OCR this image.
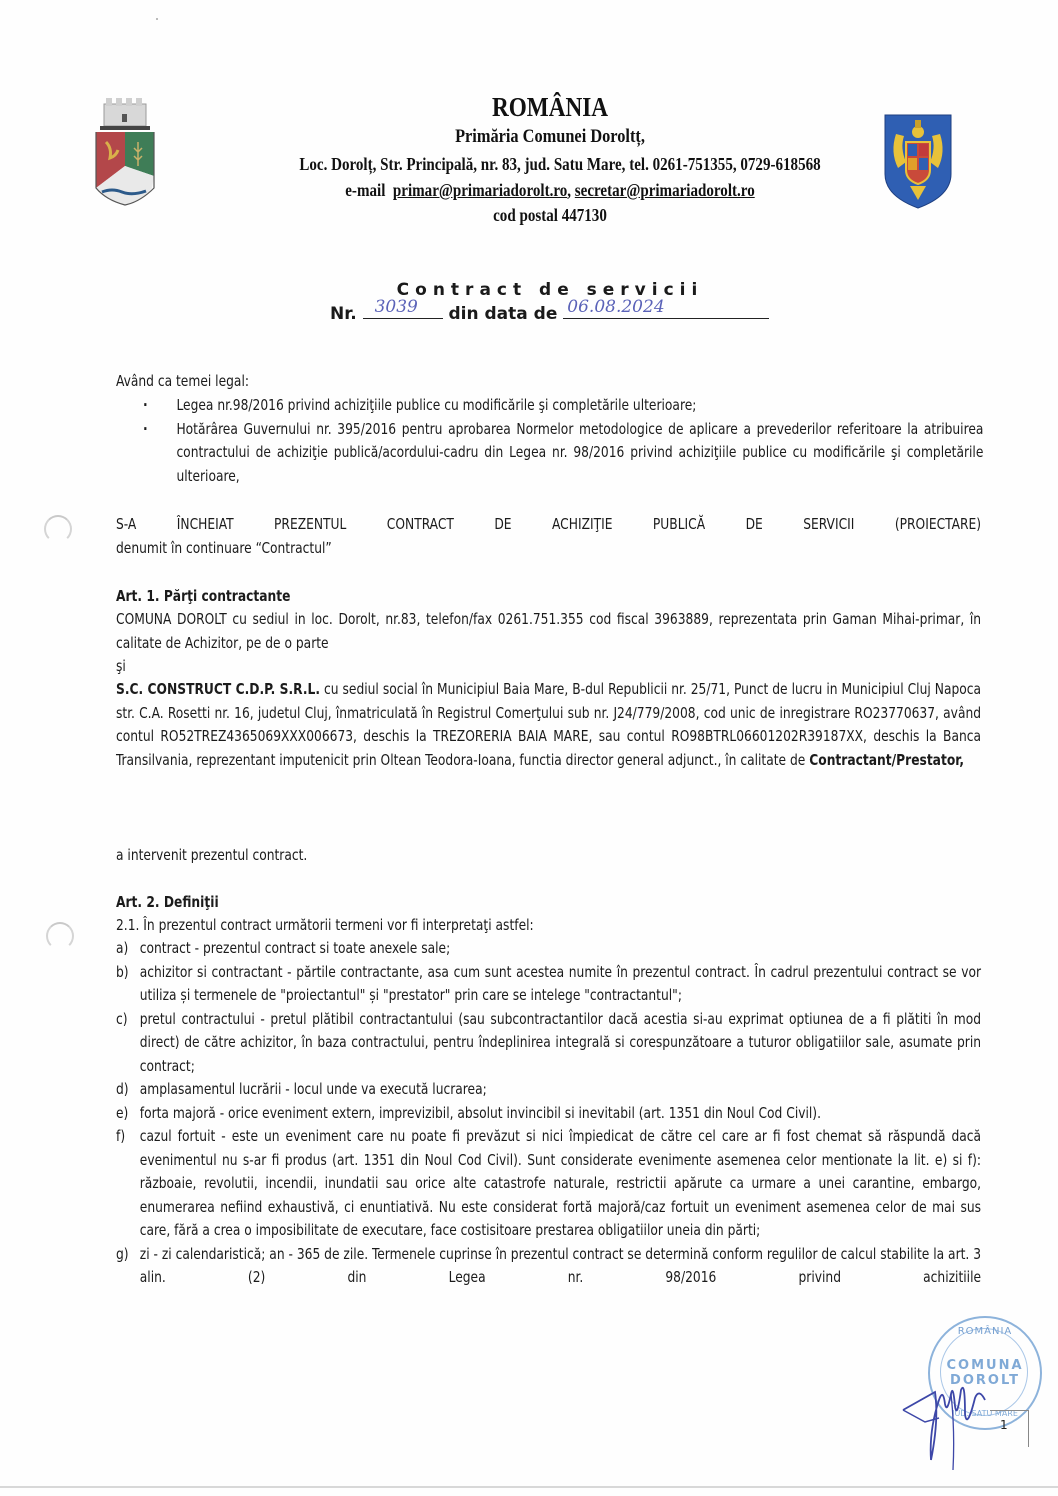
ROMÂNIA
Primăria Comunei Doroltț,
Loc. Dorolț, Str. Principală, nr. 83, jud. Satu Mare, tel. 0261-751355, 0729-618568
e-mail primar@primariadorolt.ro, secretar@primariadorolt.ro
cod postal 447130
Contract de servicii
Nr. 3039 din data de 06.08.2024
Având ca temei legal:
· Legea nr.98/2016 privind achiziţiile publice cu modificările şi completările ulterioare;
· Hotărârea Guvernului nr. 395/2016 pentru aprobarea Normelor metodologice de aplicare a prevederilor referitoare la atribuirea contractului de achiziţie publică/acordului-cadru din Legea nr. 98/2016 privind achiziţiile publice cu modificările şi completările ulterioare,
S-A ÎNCHEIAT PREZENTUL CONTRACT DE ACHIZIŢIE PUBLICĂ DE SERVICII (PROIECTARE)
denumit în continuare “Contractul”
Art. 1. Părţi contractante
COMUNA DOROLT cu sediul in loc. Dorolt, nr.83, telefon/fax 0261.751.355 cod fiscal 3963889, reprezentata prin Gaman Mihai-primar, în calitate de Achizitor, pe de o parte
şi
S.C. CONSTRUCT C.D.P. S.R.L. cu sediul social în Municipiul Baia Mare, B-dul Republicii nr. 25/71, Punct de lucru in Municipiul Cluj Napoca str. C.A. Rosetti nr. 16, judetul Cluj, înmatriculată în Registrul Comerţului sub nr. J24/779/2008, cod unic de inregistrare RO23770637, având contul RO52TREZ4365069XXX006673, deschis la TREZORERIA BAIA MARE, sau contul RO98BTRL06601202R39187XX, deschis la Banca Transilvania, reprezentant imputenicit prin Oltean Teodora-Ioana, functia director general adjunct., în calitate de Contractant/Prestator,
a intervenit prezentul contract.
Art. 2. Definiţii
2.1. În prezentul contract următorii termeni vor fi interpretaţi astfel:
a) contract - prezentul contract si toate anexele sale;
b) achizitor si contractant - părtile contractante, asa cum sunt acestea numite în prezentul contract. În cadrul prezentului contract se vor utiliza și termenele de "proiectantul" și "prestator" prin care se intelege "contractantul";
c) pretul contractului - pretul plătibil contractantului (sau subcontractantilor dacă acestia si-au exprimat optiunea de a fi plătiti în mod direct) de către achizitor, în baza contractului, pentru îndeplinirea integrală si corespunzătoare a tuturor obligatiilor sale, asumate prin contract;
d) amplasamentul lucrării - locul unde va execută lucrarea;
e) forta majoră - orice eveniment extern, imprevizibil, absolut invincibil si inevitabil (art. 1351 din Noul Cod Civil).
f) cazul fortuit - este un eveniment care nu poate fi prevăzut si nici împiedicat de către cel care ar fi fost chemat să răspundă dacă evenimentul nu s-ar fi produs (art. 1351 din Noul Cod Civil). Sunt considerate evenimente asemenea celor mentionate la lit. e) si f): războaie, revolutii, incendii, inundatii sau orice alte catastrofe naturale, restrictii apărute ca urmare a unei carantine, embargo, enumerarea nefiind exhaustivă, ci enuntiativă. Nu este considerat fortă majoră/caz fortuit un eveniment asemenea celor de mai sus care, fără a crea o imposibilitate de executare, face costisitoare prestarea obligatiilor uneia din părti;
g) zi - zi calendaristică; an - 365 de zile. Termenele cuprinse în prezentul contract se determină conform regulilor de calcul stabilite la art. 3 alin. (2) din Legea nr. 98/2016 privind achizitiile
ROMÂNIA
COMUNA
DOROLT
JUD. SATU MARE
1
